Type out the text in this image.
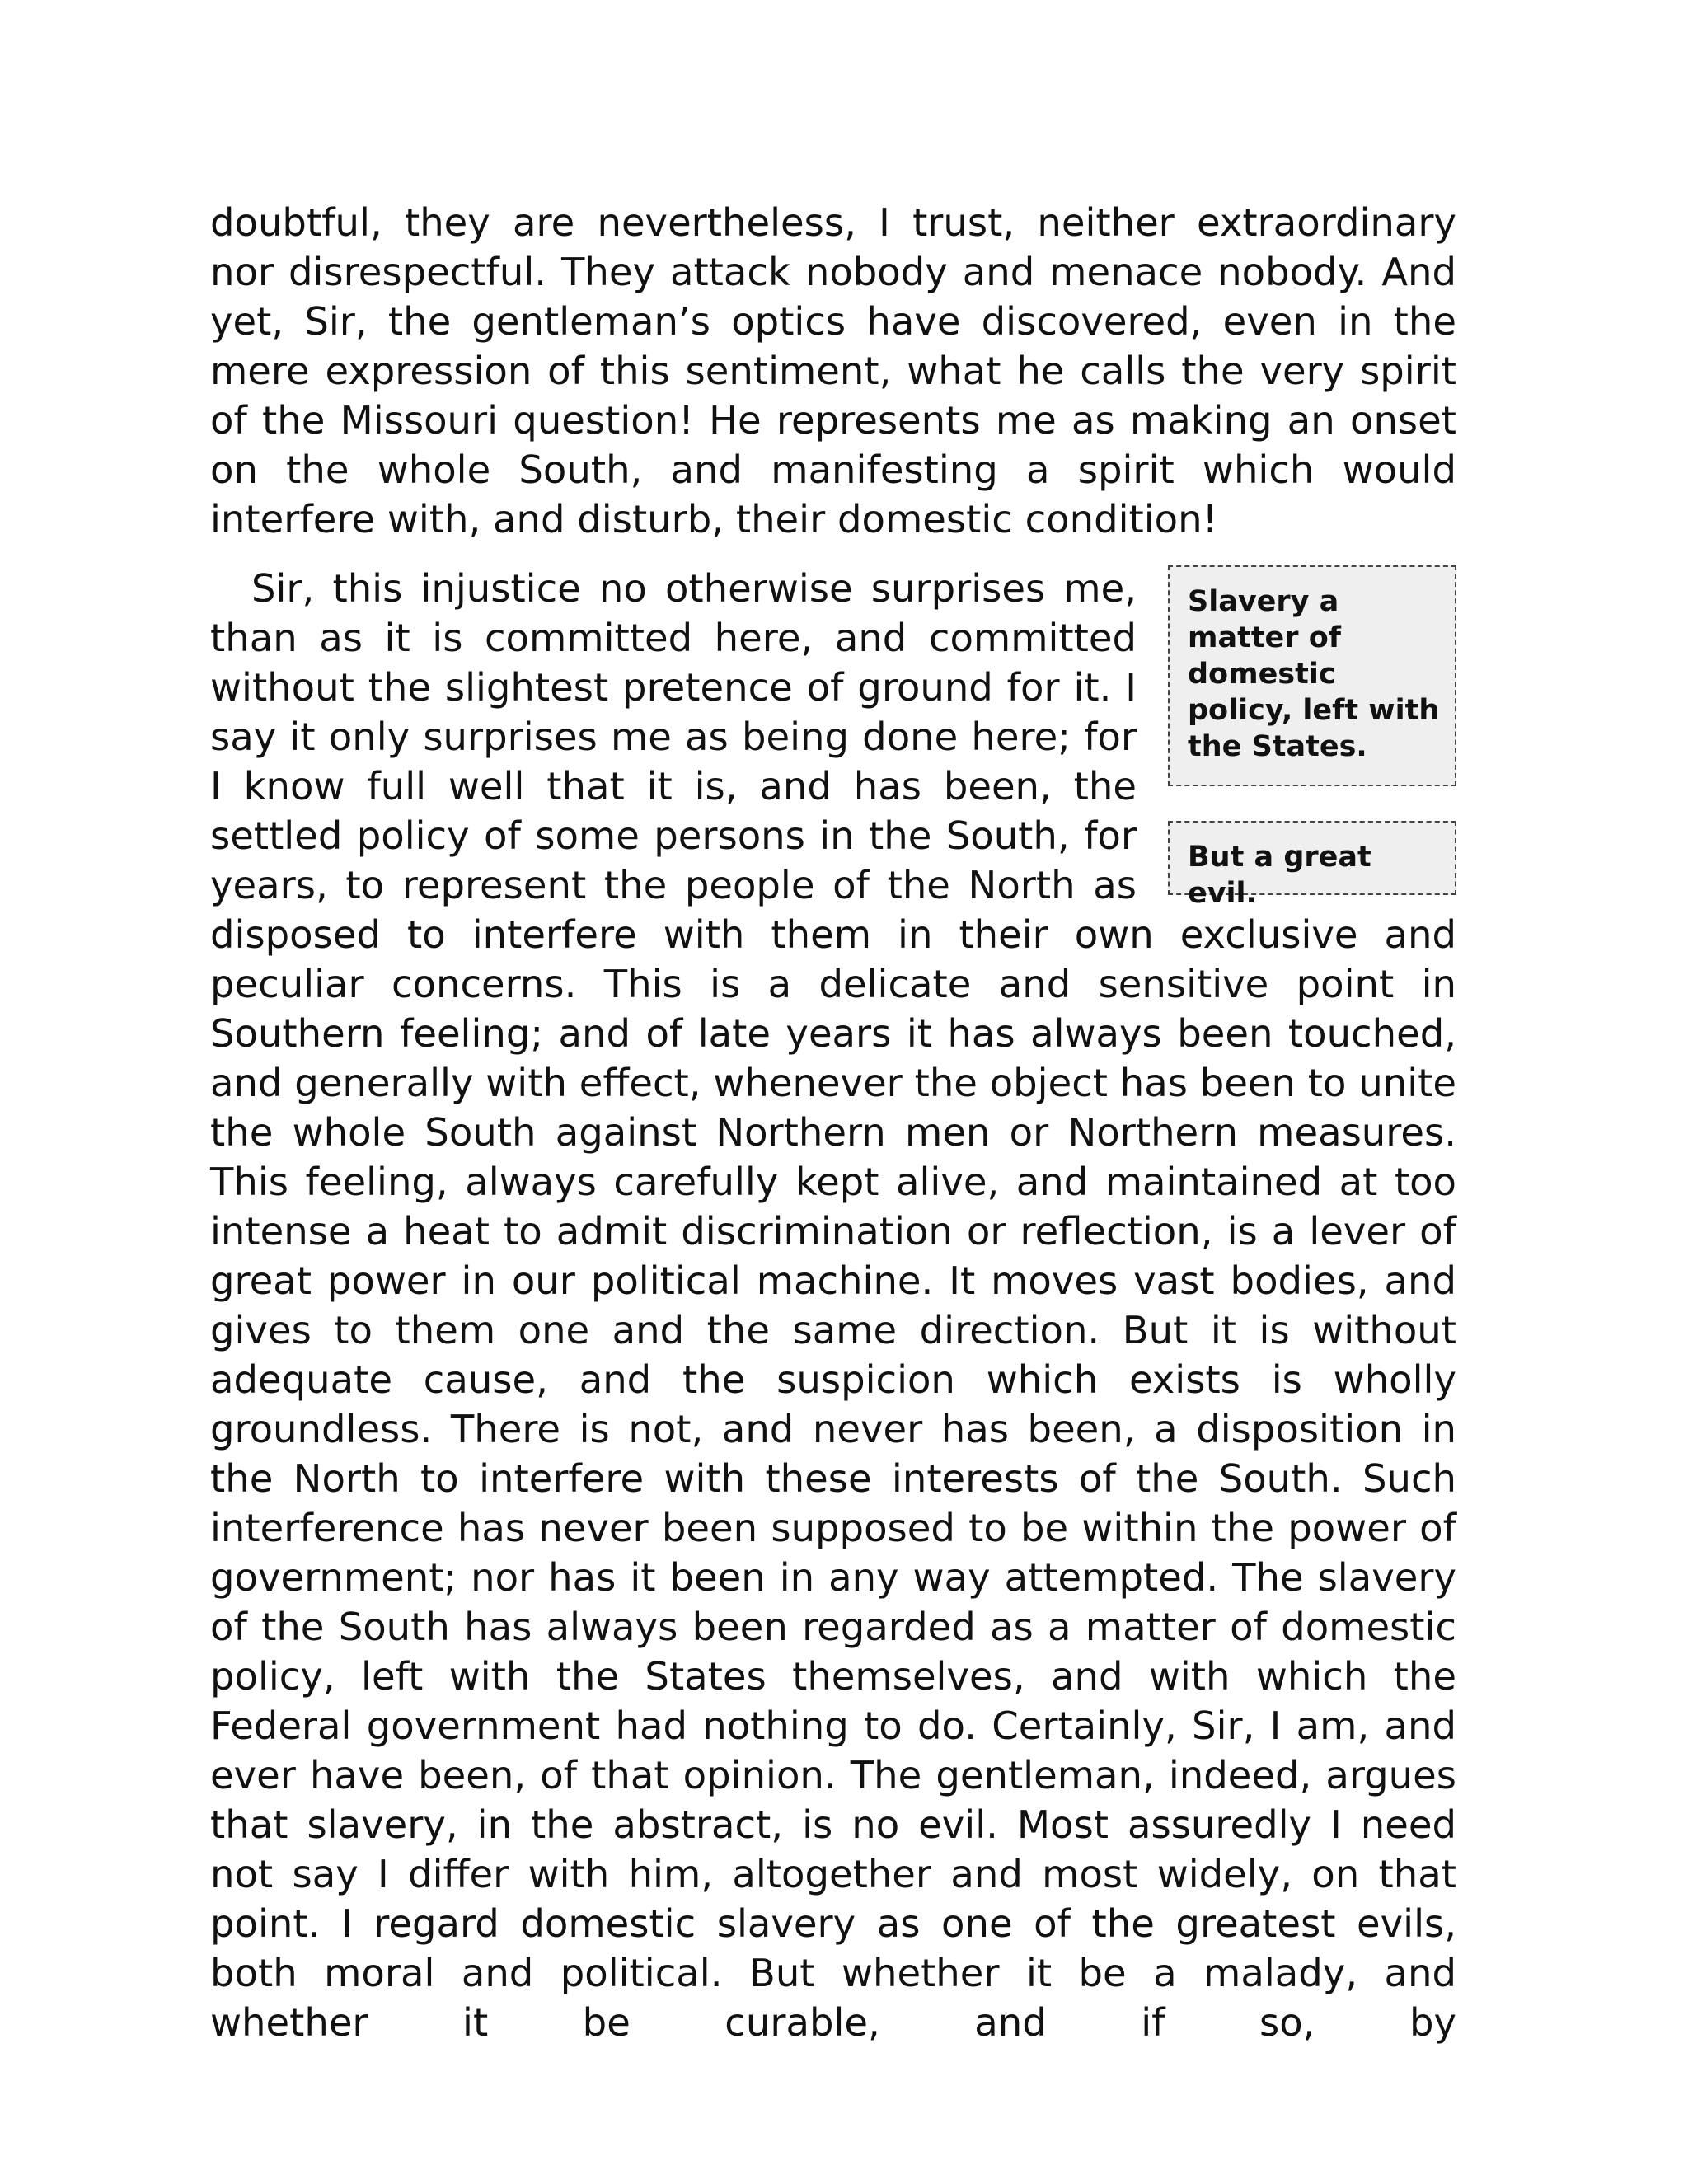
doubtful, they are nevertheless, I trust, neither extraordinary nor disrespectful. They attack nobody and menace nobody. And yet, Sir, the gentleman’s optics have discovered, even in the mere expression of this sentiment, what he calls the very spirit of the Missouri question! He represents me as making an onset on the whole South, and manifesting a spirit which would interfere with, and disturb, their domestic condition!

Slavery a matter of domestic policy, left with the States.
But a great evil.

Sir, this injustice no otherwise surprises me, than as it is committed here, and committed without the slightest pretence of ground for it. I say it only surprises me as being done here; for I know full well that it is, and has been, the settled policy of some persons in the South, for years, to represent the people of the North as disposed to interfere with them in their own exclusive and peculiar concerns. This is a delicate and sensitive point in Southern feeling; and of late years it has always been touched, and generally with effect, whenever the object has been to unite the whole South against Northern men or Northern measures. This feeling, always carefully kept alive, and maintained at too intense a heat to admit discrimination or reflection, is a lever of great power in our political machine. It moves vast bodies, and gives to them one and the same direction. But it is without adequate cause, and the suspicion which exists is wholly groundless. There is not, and never has been, a disposition in the North to interfere with these interests of the South. Such interference has never been supposed to be within the power of government; nor has it been in any way attempted. The slavery of the South has always been regarded as a matter of domestic policy, left with the States themselves, and with which the Federal government had nothing to do. Certainly, Sir, I am, and ever have been, of that opinion. The gentleman, indeed, argues that slavery, in the abstract, is no evil. Most assuredly I need not say I differ with him, altogether and most widely, on that point. I regard domestic slavery as one of the greatest evils, both moral and political. But whether it be a malady, and whether it be curable, and if so, by
